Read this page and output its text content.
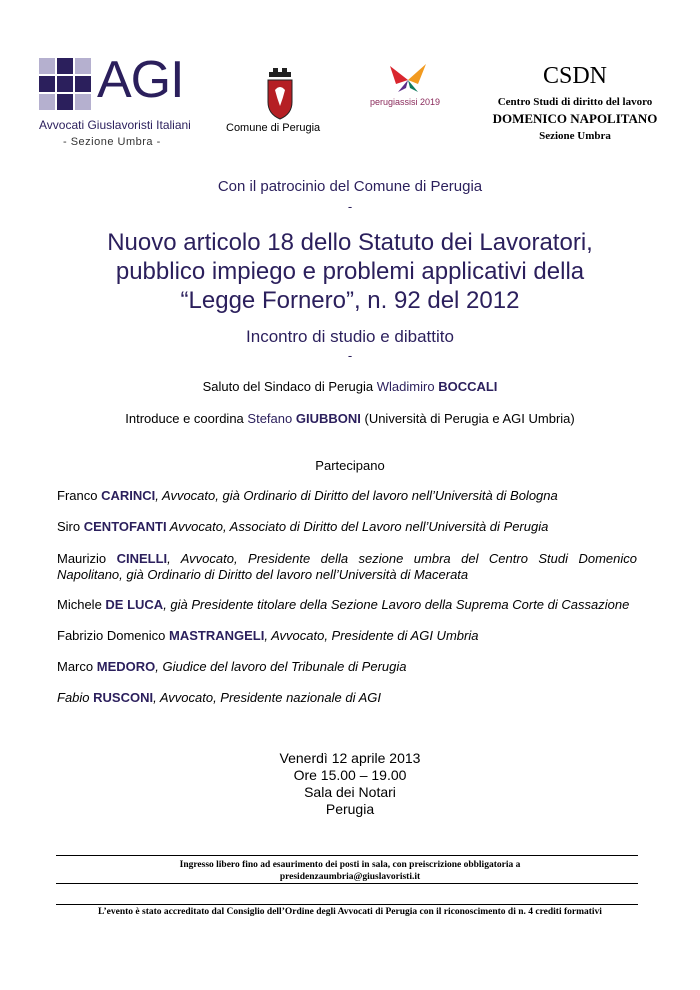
AGI
Avvocati Giuslavoristi Italiani
- Sezione Umbra -
Comune di Perugia
perugiassisi 2019
CSDN
Centro Studi di diritto del lavoro
DOMENICO NAPOLITANO
Sezione Umbra
Con il patrocinio del Comune di Perugia
-
Nuovo articolo 18 dello Statuto dei Lavoratori,
pubblico impiego e problemi applicativi della
“Legge Fornero”, n. 92 del 2012
Incontro di studio e dibattito
-
Saluto del Sindaco di Perugia Wladimiro BOCCALI
Introduce e coordina Stefano GIUBBONI (Università di Perugia e AGI Umbria)
Partecipano
Franco CARINCI, Avvocato, già Ordinario di Diritto del lavoro nell’Università di Bologna
Siro CENTOFANTI Avvocato, Associato di Diritto del Lavoro nell’Università di Perugia
Maurizio CINELLI, Avvocato, Presidente della sezione umbra del Centro Studi Domenico Napolitano, già Ordinario di Diritto del lavoro nell’Università di Macerata
Michele DE LUCA, già Presidente titolare della Sezione Lavoro della Suprema Corte di Cassazione
Fabrizio Domenico MASTRANGELI, Avvocato, Presidente di AGI Umbria
Marco MEDORO, Giudice del lavoro del Tribunale di Perugia
Fabio RUSCONI, Avvocato, Presidente nazionale di AGI
Venerdì 12 aprile 2013
Ore 15.00 – 19.00
Sala dei Notari
Perugia
Ingresso libero fino ad esaurimento dei posti in sala, con preiscrizione obbligatoria a
presidenzaumbria@giuslavoristi.it
L’evento è stato accreditato dal Consiglio dell’Ordine degli Avvocati di Perugia con il riconoscimento di n. 4 crediti formativi
